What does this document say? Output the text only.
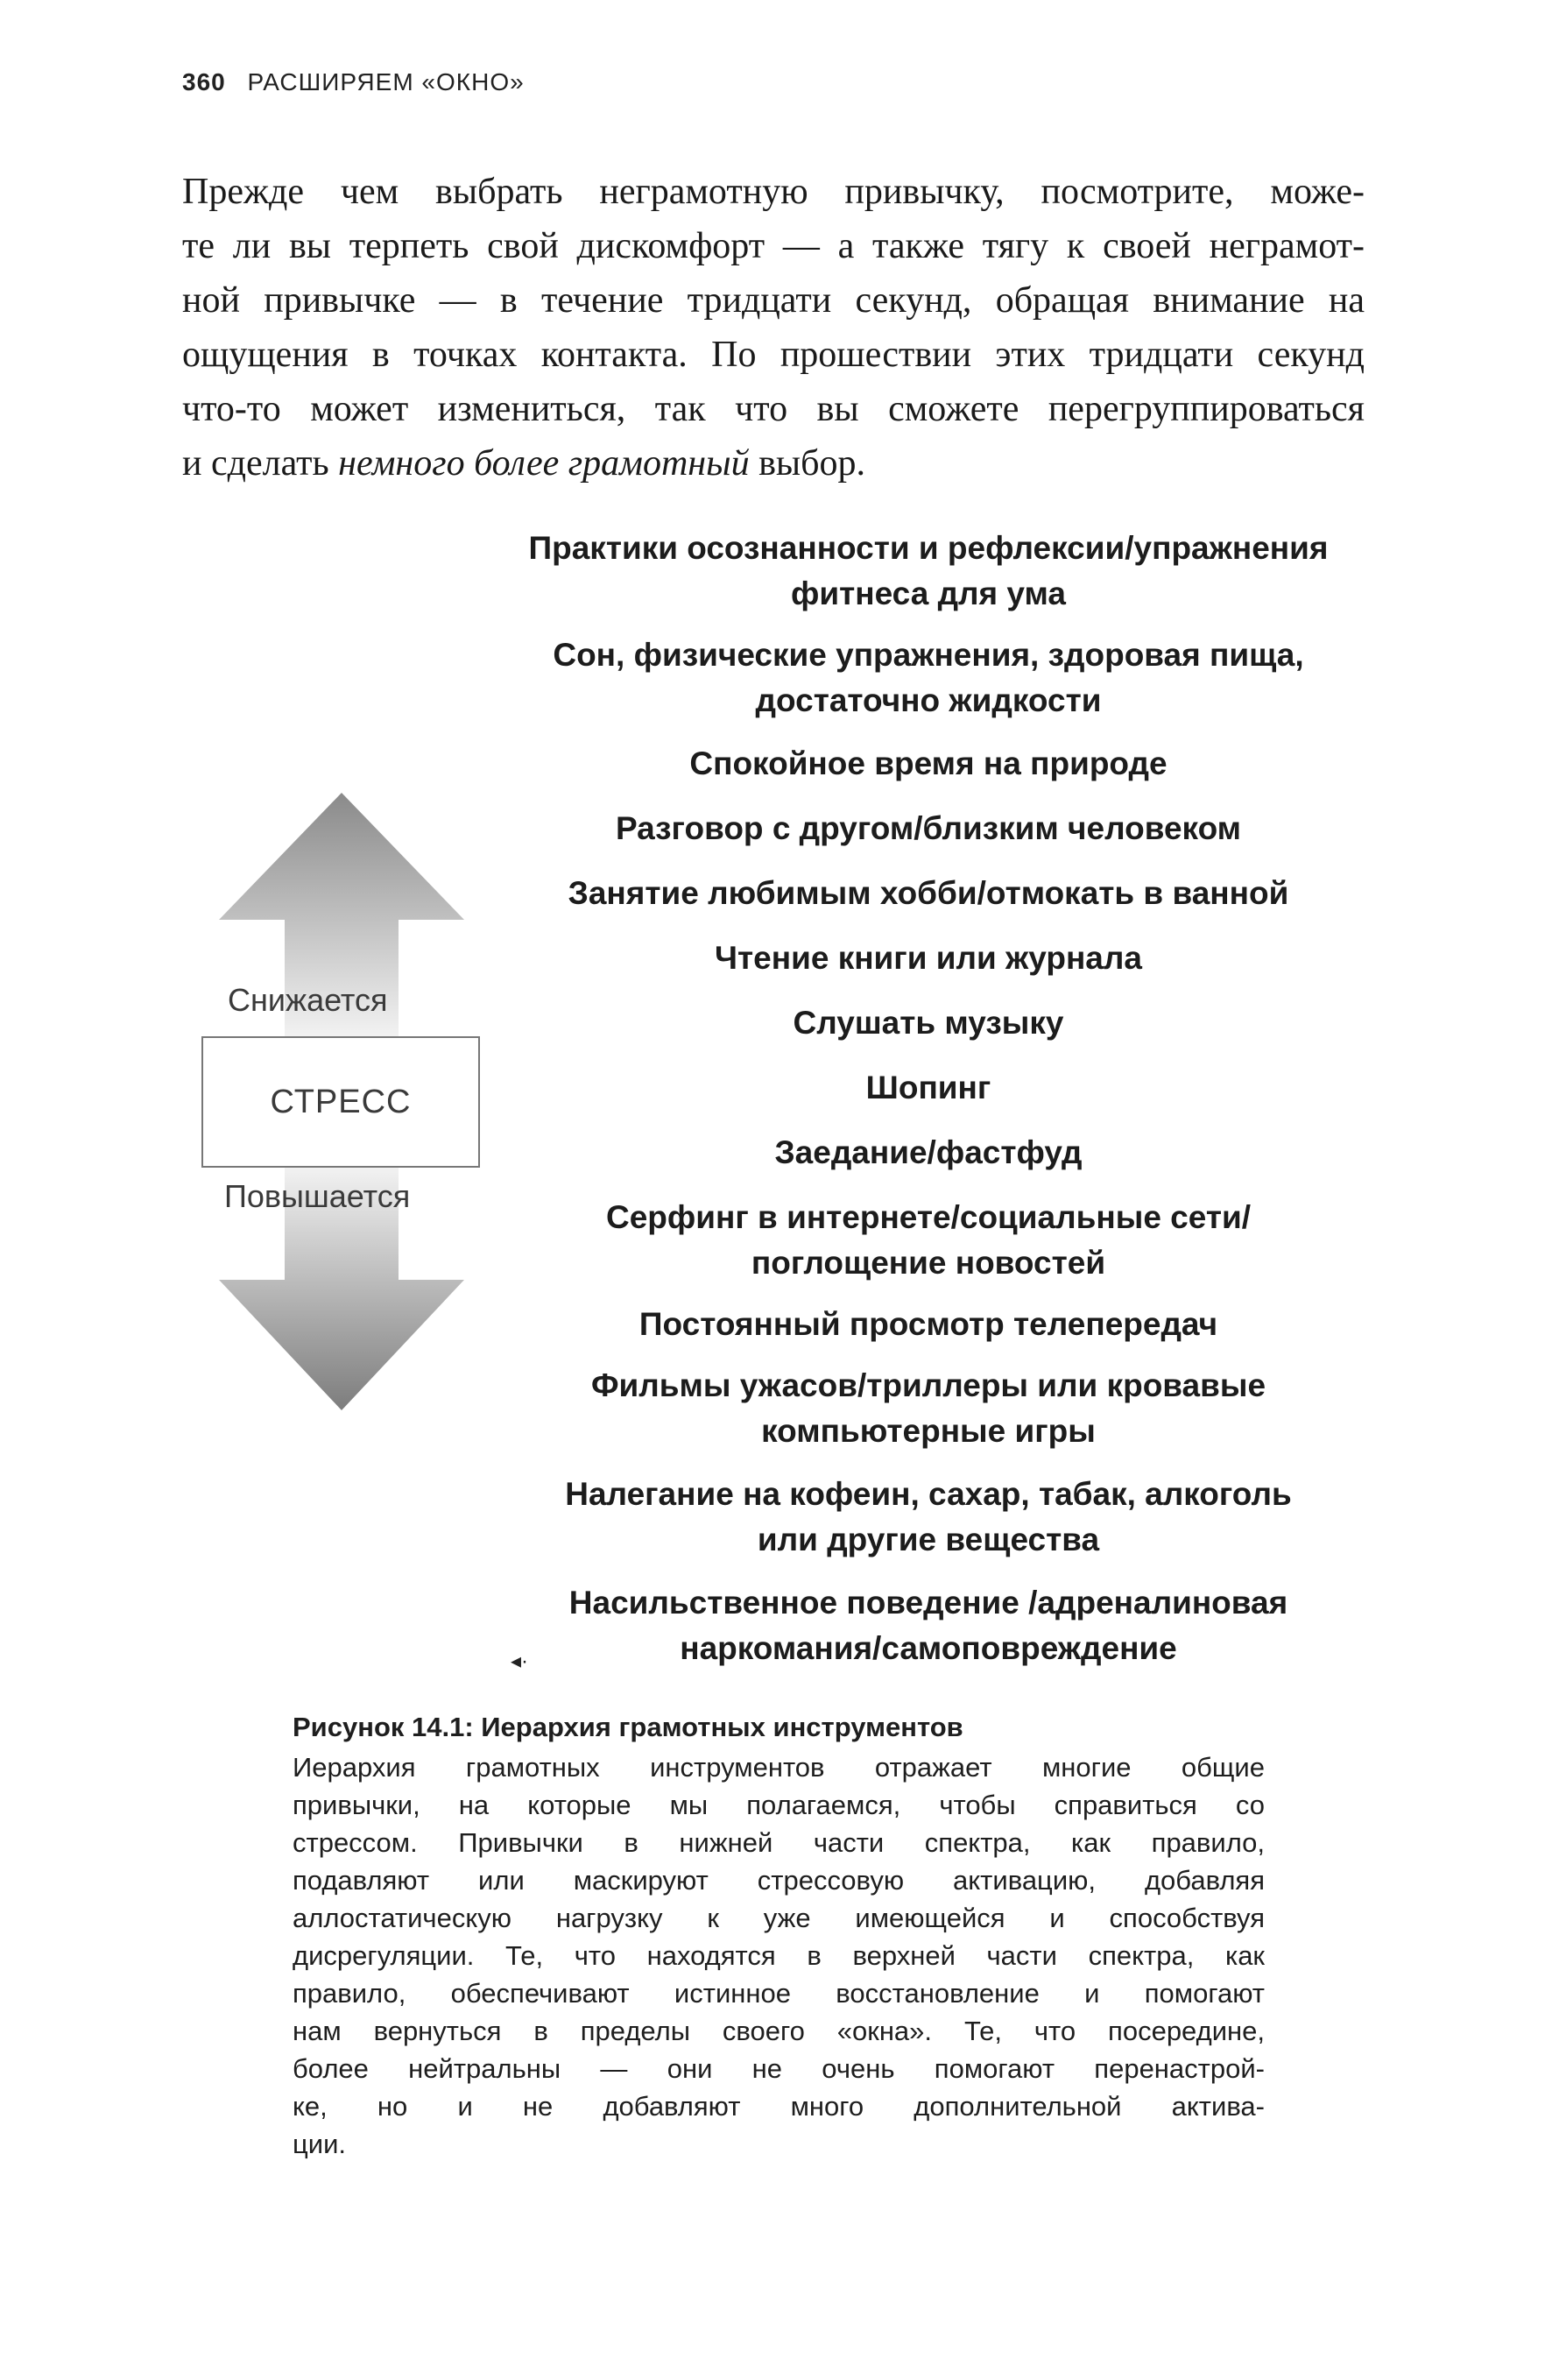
360 РАСШИРЯЕМ «ОКНО»

Прежде чем выбрать неграмотную привычку, посмотрите, може-
те ли вы терпеть свой дискомфорт — а также тягу к своей неграмот-
ной привычке — в течение тридцати секунд, обращая внимание на
ощущения в точках контакта. По прошествии этих тридцати секунд
что-то может измениться, так что вы сможете перегруппироваться
и сделать немного более грамотный выбор.

Снижается
СТРЕСС
Повышается
Практики осознанности и рефлексии/упражнения
фитнеса для ума
Сон, физические упражнения, здоровая пища,
достаточно жидкости
Спокойное время на природе
Разговор с другом/близким человеком
Занятие любимым хобби/отмокать в ванной
Чтение книги или журнала
Слушать музыку
Шопинг
Заедание/фастфуд
Серфинг в интернете/социальные сети/
поглощение новостей
Постоянный просмотр телепередач
Фильмы ужасов/триллеры или кровавые
компьютерные игры
Налегание на кофеин, сахар, табак, алкоголь
или другие вещества
Насильственное поведение /адреналиновая
наркомания/самоповреждение
◂·
Рисунок 14.1: Иерархия грамотных инструментов
Иерархия грамотных инструментов отражает многие общие
привычки, на которые мы полагаемся, чтобы справиться со
стрессом. Привычки в нижней части спектра, как правило,
подавляют или маскируют стрессовую активацию, добавляя
аллостатическую нагрузку к уже имеющейся и способствуя
дисрегуляции. Те, что находятся в верхней части спектра, как
правило, обеспечивают истинное восстановление и помогают
нам вернуться в пределы своего «окна». Те, что посередине,
более нейтральны — они не очень помогают перенастрой-
ке, но и не добавляют много дополнительной актива-
ции.
